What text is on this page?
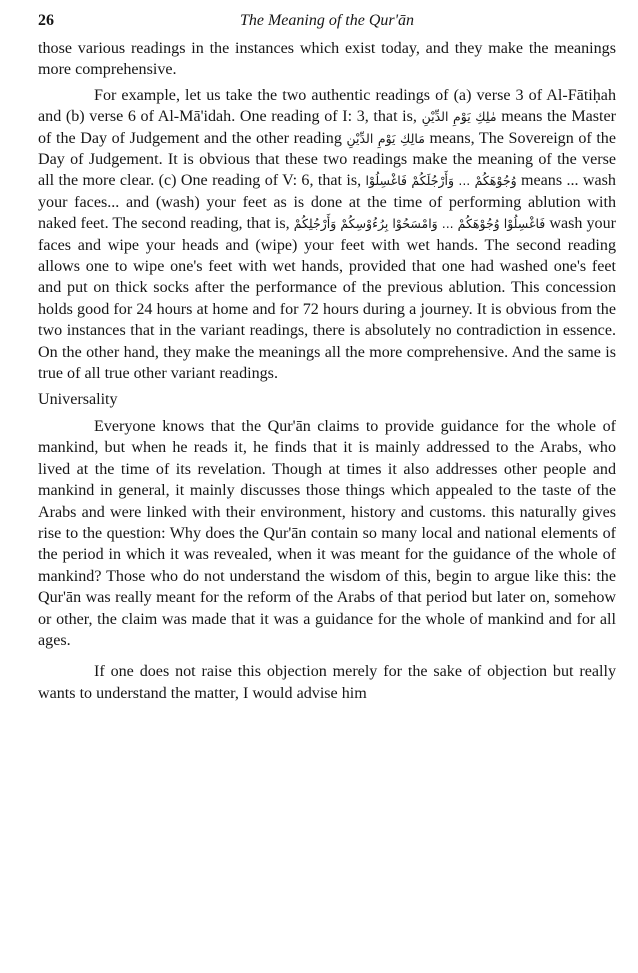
26	The Meaning of the Qur'ān

those various readings in the instances which exist today, and they make the meanings more comprehensive.

For example, let us take the two authentic readings of (a) verse 3 of Al-Fātiḥah and (b) verse 6 of Al-Mā'idah. One reading of I: 3, that is, مٰلِكِ يَوْمِ الدِّيْنِ means the Master of the Day of Judgement and the other reading مَالِكِ يَوْمِ الدِّيْنِ means, The Sovereign of the Day of Judgement. It is obvious that these two readings make the meaning of the verse all the more clear. (c) One reading of V: 6, that is, فَاغْسِلُوْا وُجُوْهَكُمْ ... وَأَرْجُلَكُمْ means ... wash your faces... and (wash) your feet as is done at the time of performing ablution with naked feet. The second reading, that is, فَاغْسِلُوْا وُجُوْهَكُمْ ... وَامْسَحُوْا بِرُءُوْسِكُمْ وَأَرْجُلِكُمْ wash your faces and wipe your heads and (wipe) your feet with wet hands. The second reading allows one to wipe one's feet with wet hands, provided that one had washed one's feet and put on thick socks after the performance of the previous ablution. This concession holds good for 24 hours at home and for 72 hours during a journey. It is obvious from the two instances that in the variant readings, there is absolutely no contradiction in essence. On the other hand, they make the meanings all the more comprehensive. And the same is true of all true other variant readings.

Universality

Everyone knows that the Qur'ān claims to provide guidance for the whole of mankind, but when he reads it, he finds that it is mainly addressed to the Arabs, who lived at the time of its revelation. Though at times it also addresses other people and mankind in general, it mainly discusses those things which appealed to the taste of the Arabs and were linked with their environment, history and customs. this naturally gives rise to the question: Why does the Qur'ān contain so many local and national elements of the period in which it was revealed, when it was meant for the guidance of the whole of mankind? Those who do not understand the wisdom of this, begin to argue like this: the Qur'ān was really meant for the reform of the Arabs of that period but later on, somehow or other, the claim was made that it was a guidance for the whole of mankind and for all ages.

If one does not raise this objection merely for the sake of objection but really wants to understand the matter, I would advise him
